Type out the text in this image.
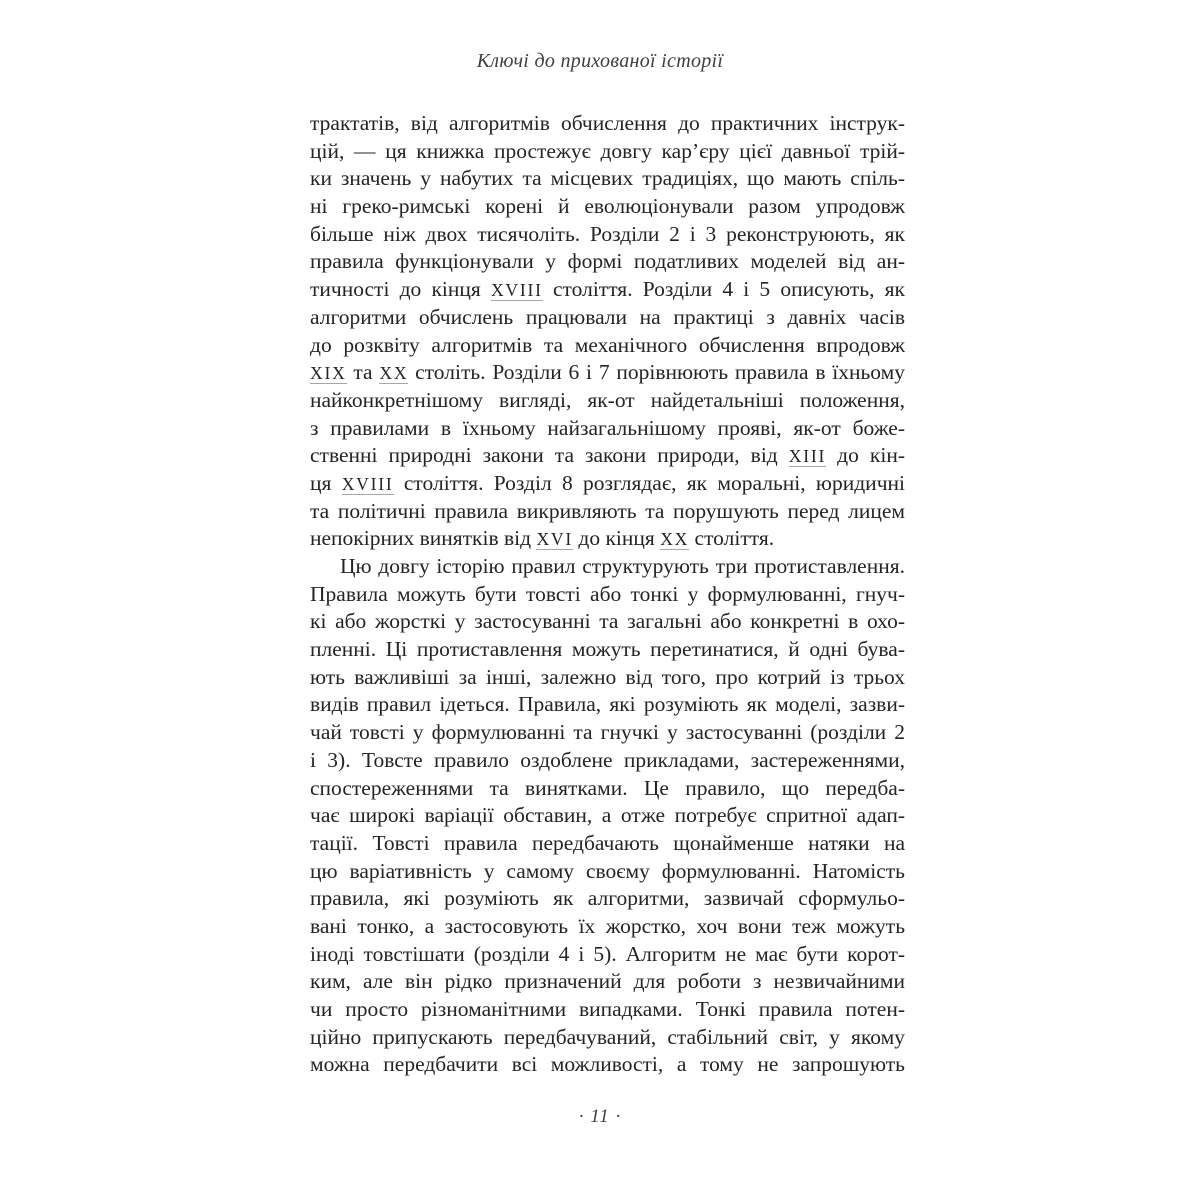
Ключі до прихованої історії
трактатів, від алгоритмів обчислення до практичних інструк-
цій, — ця книжка простежує довгу кар’єру цієї давньої трій-
ки значень у набутих та місцевих традиціях, що мають спіль-
ні греко-римські корені й еволюціонували разом упродовж
більше ніж двох тисячоліть. Розділи 2 і 3 реконструюють, як
правила функціонували у формі податливих моделей від ан-
тичності до кінця XVIII століття. Розділи 4 і 5 описують, як
алгоритми обчислень працювали на практиці з давніх часів
до розквіту алгоритмів та механічного обчислення впродовж
XIX та XX століть. Розділи 6 і 7 порівнюють правила в їхньому
найконкретнішому вигляді, як-от найдетальніші положення,
з правилами в їхньому найзагальнішому прояві, як-от боже-
ственні природні закони та закони природи, від XIII до кін-
ця XVIII століття. Розділ 8 розглядає, як моральні, юридичні
та політичні правила викривляють та порушують перед лицем
непокірних винятків від XVI до кінця XX століття.
Цю довгу історію правил структурують три протиставлення.
Правила можуть бути товсті або тонкі у формулюванні, гнуч-
кі або жорсткі у застосуванні та загальні або конкретні в охо-
пленні. Ці протиставлення можуть перетинатися, й одні бува-
ють важливіші за інші, залежно від того, про котрий із трьох
видів правил ідеться. Правила, які розуміють як моделі, зазви-
чай товсті у формулюванні та гнучкі у застосуванні (розділи 2
і 3). Товсте правило оздоблене прикладами, застереженнями,
спостереженнями та винятками. Це правило, що передба-
чає широкі варіації обставин, а отже потребує спритної адап-
тації. Товсті правила передбачають щонайменше натяки на
цю варіативність у самому своєму формулюванні. Натомість
правила, які розуміють як алгоритми, зазвичай сформульо-
вані тонко, а застосовують їх жорстко, хоч вони теж можуть
іноді товстішати (розділи 4 і 5). Алгоритм не має бути корот-
ким, але він рідко призначений для роботи з незвичайними
чи просто різноманітними випадками. Тонкі правила потен-
ційно припускають передбачуваний, стабільний світ, у якому
можна передбачити всі можливості, а тому не запрошують
· 11 ·
